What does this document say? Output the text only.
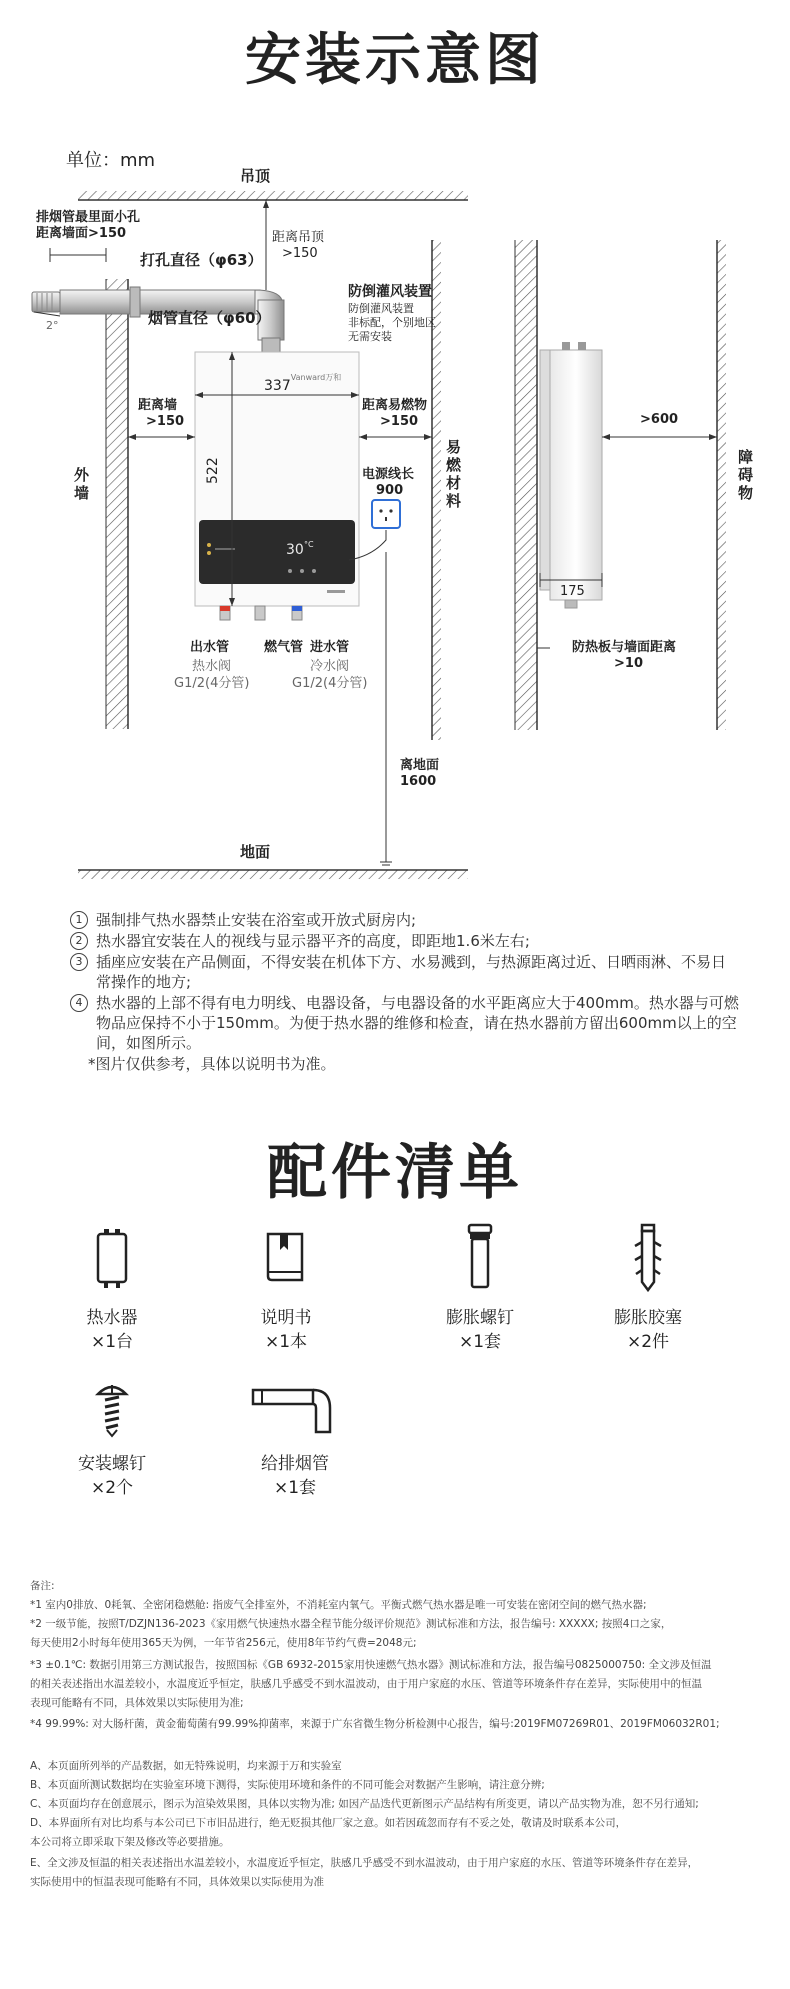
安装示意图
单位：mm
30 °C
Vanward万和
吊顶
地面
外墙
易燃材料
障碍物
排烟管最里面小孔
距离墙面>150
打孔直径（φ63）
烟管直径（φ60）
2°
距离吊顶
>150
防倒灌风装置
防倒灌风装置
非标配，个别地区
无需安装
337
522
距离墙
>150
距离易燃物
>150
电源线长
900
出水管	燃气管 进水管
热水阀
G1/2(4分管)
冷水阀
G1/2(4分管)
离地面
1600
>600
175
防热板与墙面距离
>10
1 强制排气热水器禁止安装在浴室或开放式厨房内;
2 热水器宜安装在人的视线与显示器平齐的高度，即距地1.6米左右;
3 插座应安装在产品侧面，不得安装在机体下方、水易溅到，与热源距离过近、日晒雨淋、不易日常操作的地方;
4 热水器的上部不得有电力明线、电器设备，与电器设备的水平距离应大于400mm。热水器与可燃物品应保持不小于150mm。为便于热水器的维修和检查，请在热水器前方留出600mm以上的空间，如图所示。
*图片仅供参考，具体以说明书为准。
配件清单
热水器
×1台
说明书
×1本
膨胀螺钉
×1套
膨胀胶塞
×2件
安装螺钉
×2个
给排烟管
×1套
备注:
*1 室内0排放、0耗氧、全密闭稳燃舱: 指废气全排室外，不消耗室内氧气。平衡式燃气热水器是唯一可安装在密闭空间的燃气热水器;
*2 一级节能，按照T/DZJN136-2023《家用燃气快速热水器全程节能分级评价规范》测试标准和方法，报告编号: XXXXX; 按照4口之家，
每天使用2小时每年使用365天为例，一年节省256元，使用8年节约气费=2048元;
*3 ±0.1℃: 数据引用第三方测试报告，按照国标《GB 6932-2015家用快速燃气热水器》测试标准和方法，报告编号0825000750: 全文涉及恒温
的相关表述指出水温差较小，水温度近乎恒定，肤感几乎感受不到水温波动，由于用户家庭的水压、管道等环境条件存在差异，实际使用中的恒温
表现可能略有不同，具体效果以实际使用为准;
*4 99.99%: 对大肠杆菌，黄金葡萄菌有99.99%抑菌率，来源于广东省微生物分析检测中心报告，编号:2019FM07269R01、2019FM06032R01;
A、本页面所列举的产品数据，如无特殊说明，均来源于万和实验室
B、本页面所测试数据均在实验室环境下测得，实际使用环境和条件的不同可能会对数据产生影响，请注意分辨;
C、本页面均存在创意展示，图示为渲染效果图，具体以实物为准; 如因产品迭代更新图示产品结构有所变更，请以产品实物为准，恕不另行通知;
D、本界面所有对比均系与本公司已下市旧品进行，绝无贬损其他厂家之意。如若因疏忽而存有不妥之处，敬请及时联系本公司，
本公司将立即采取下架及修改等必要措施。
E、全文涉及恒温的相关表述指出水温差较小，水温度近乎恒定，肤感几乎感受不到水温波动，由于用户家庭的水压、管道等环境条件存在差异，
实际使用中的恒温表现可能略有不同，具体效果以实际使用为准
